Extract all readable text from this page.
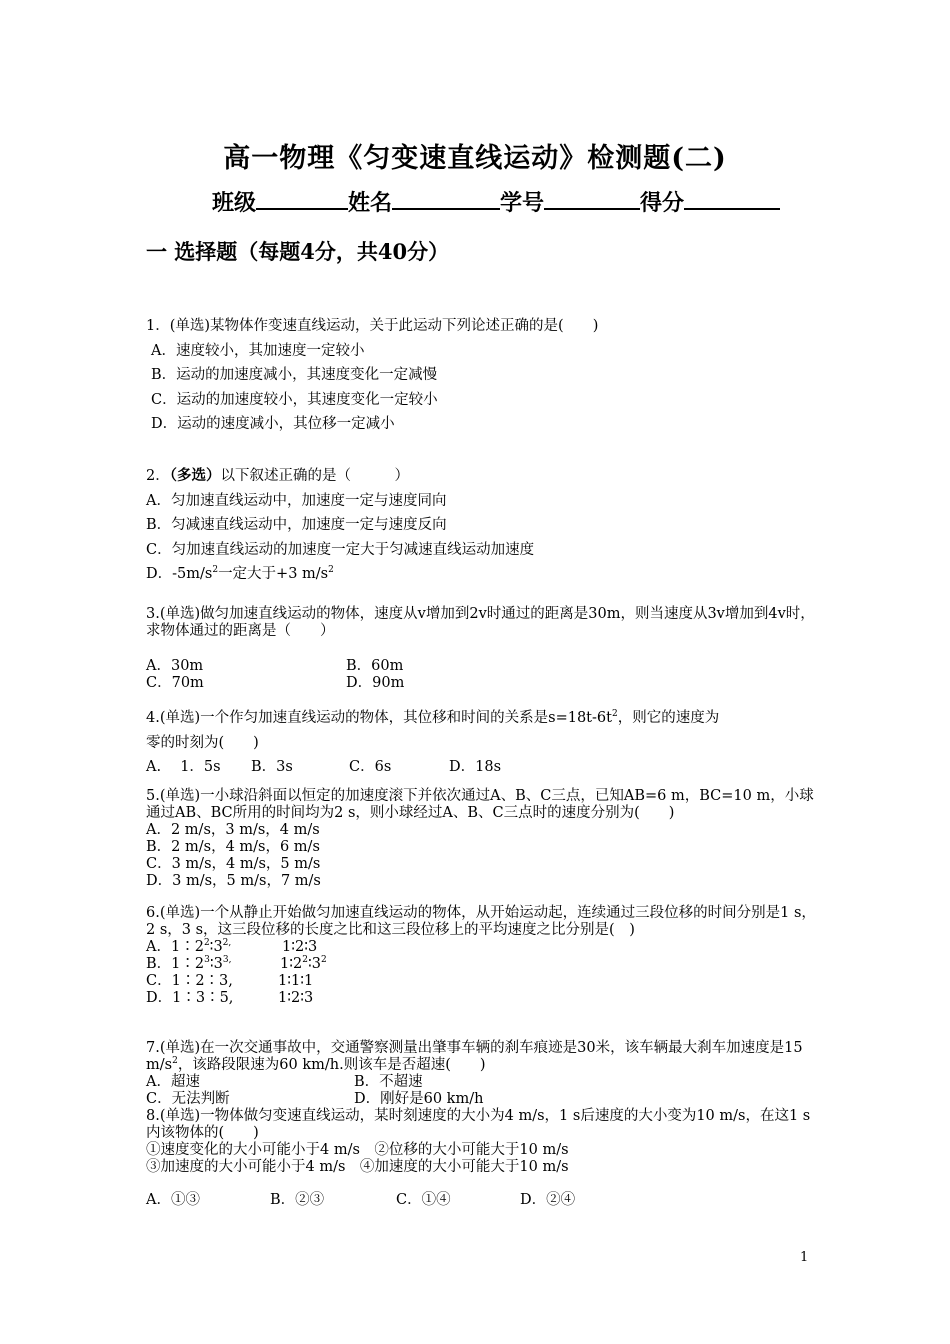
高一物理《匀变速直线运动》检测题(二)
班级	姓名	学号	得分
一 选择题（每题4分，共40分）
1．(单选)某物体作变速直线运动，关于此运动下列论述正确的是(　　)
A．速度较小，其加速度一定较小
B．运动的加速度减小，其速度变化一定减慢
C．运动的加速度较小，其速度变化一定较小
D．运动的速度减小，其位移一定减小
2．（多选）以下叙述正确的是（　　　）
A．匀加速直线运动中，加速度一定与速度同向
B．匀减速直线运动中，加速度一定与速度反向
C．匀加速直线运动的加速度一定大于匀减速直线运动加速度
D．$-5m/s^2$一定大于+3 $m/s^2$
3.(单选)做匀加速直线运动的物体，速度从v增加到2v时通过的距离是30m，则当速度从3v增加到4v时，求物体通过的距离是（　　）
A．30m	B．60m
C．70m	D．90m
4.(单选)一个作匀加速直线运动的物体，其位移和时间的关系是$s=18t-6t^2$，则它的速度为
零的时刻为(　　)
A.　 1．5s	B．3s	C．6s	D．18s
5.(单选)一小球沿斜面以恒定的加速度滚下并依次通过A、B、C三点，已知AB=6 m，BC=10 m，小球通过AB、BC所用的时间均为2 s，则小球经过A、B、C三点时的速度分别为(　　)
A．2 m/s，3 m/s，4 m/s
B．2 m/s，4 m/s，6 m/s
C．3 m/s，4 m/s，5 m/s
D．3 m/s，5 m/s，7 m/s
6.(单选)一个从静止开始做匀加速直线运动的物体，从开始运动起，连续通过三段位移的时间分别是1 s，2 s，3 s，这三段位移的长度之比和这三段位移上的平均速度之比分别是(　)
A．$1∶2^2∶3^{2,}$	1∶2∶3
B．$1∶2^3∶3^{3,}$	$1∶2^2∶3^2$
C．1∶2∶3,	1∶1∶1
D．1∶3∶5,	1∶2∶3
7.(单选)在一次交通事故中，交通警察测量出肇事车辆的刹车痕迹是30米，该车辆最大刹车加速度是15 $m/s^2$，该路段限速为60 km/h.则该车是否超速(　　)
A．超速	B．不超速
C．无法判断	D．刚好是60 km/h
8.(单选)一物体做匀变速直线运动，某时刻速度的大小为4 m/s，1 s后速度的大小变为10 m/s，在这1 s内该物体的(　　)
①速度变化的大小可能小于4 m/s　②位移的大小可能大于10 m/s
③加速度的大小可能小于4 m/s　④加速度的大小可能大于10 m/s
A．①③	B．②③	C．①④	D．②④
1
